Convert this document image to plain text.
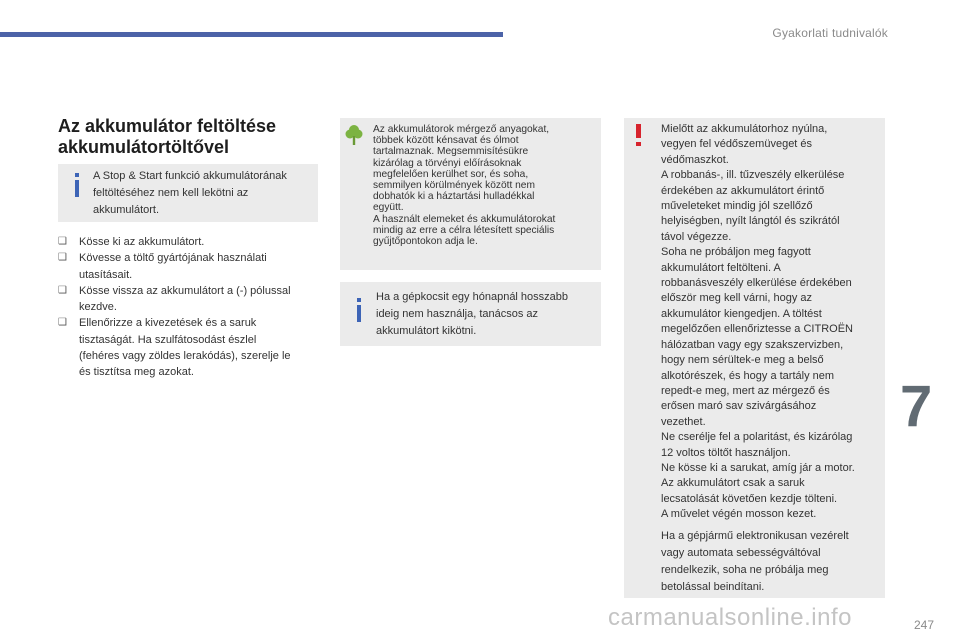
Gyakorlati tudnivalók
Az akkumulátor feltöltése
akkumulátortöltővel
A Stop & Start funkció akkumulátorának
feltöltéséhez nem kell lekötni az
akkumulátort.
❑ Kösse ki az akkumulátort.
❑ Kövesse a töltő gyártójának használati
utasításait.
❑ Kösse vissza az akkumulátort a (-) pólussal
kezdve.
❑ Ellenőrizze a kivezetések és a saruk
tisztaságát. Ha szulfátosodást észlel
(fehéres vagy zöldes lerakódás), szerelje le
és tisztítsa meg azokat.
Az akkumulátorok mérgező anyagokat,
többek között kénsavat és ólmot
tartalmaznak. Megsemmisítésükre
kizárólag a törvényi előírásoknak
megfelelően kerülhet sor, és soha,
semmilyen körülmények között nem
dobhatók ki a háztartási hulladékkal
együtt.
A használt elemeket és akkumulátorokat
mindig az erre a célra létesített speciális
gyűjtőpontokon adja le.
Ha a gépkocsit egy hónapnál hosszabb
ideig nem használja, tanácsos az
akkumulátort kikötni.

Mielőtt az akkumulátorhoz nyúlna,

vegyen fel védőszemüveget és

védőmaszkot.

A robbanás-, ill. tűzveszély elkerülése

érdekében az akkumulátort érintő

műveleteket mindig jól szellőző

helyiségben, nyílt lángtól és szikrától

távol végezze.

Soha ne próbáljon meg fagyott

akkumulátort feltölteni. A

robbanásveszély elkerülése érdekében

először meg kell várni, hogy az

akkumulátor kiengedjen. A töltést

megelőzően ellenőriztesse a CITROËN

hálózatban vagy egy szakszervizben,

hogy nem sérültek-e meg a belső

alkotórészek, és hogy a tartály nem

repedt-e meg, mert az mérgező és

erősen maró sav szivárgásához

vezethet.

Ne cserélje fel a polaritást, és kizárólag

12 voltos töltőt használjon.

Ne kösse ki a sarukat, amíg jár a motor.

Az akkumulátort csak a saruk

lecsatolását követően kezdje tölteni.

A művelet végén mosson kezet.

Ha a gépjármű elektronikusan vezérelt

vagy automata sebességváltóval

rendelkezik, soha ne próbálja meg

betolással beindítani.

7
carmanualsonline.info	247
